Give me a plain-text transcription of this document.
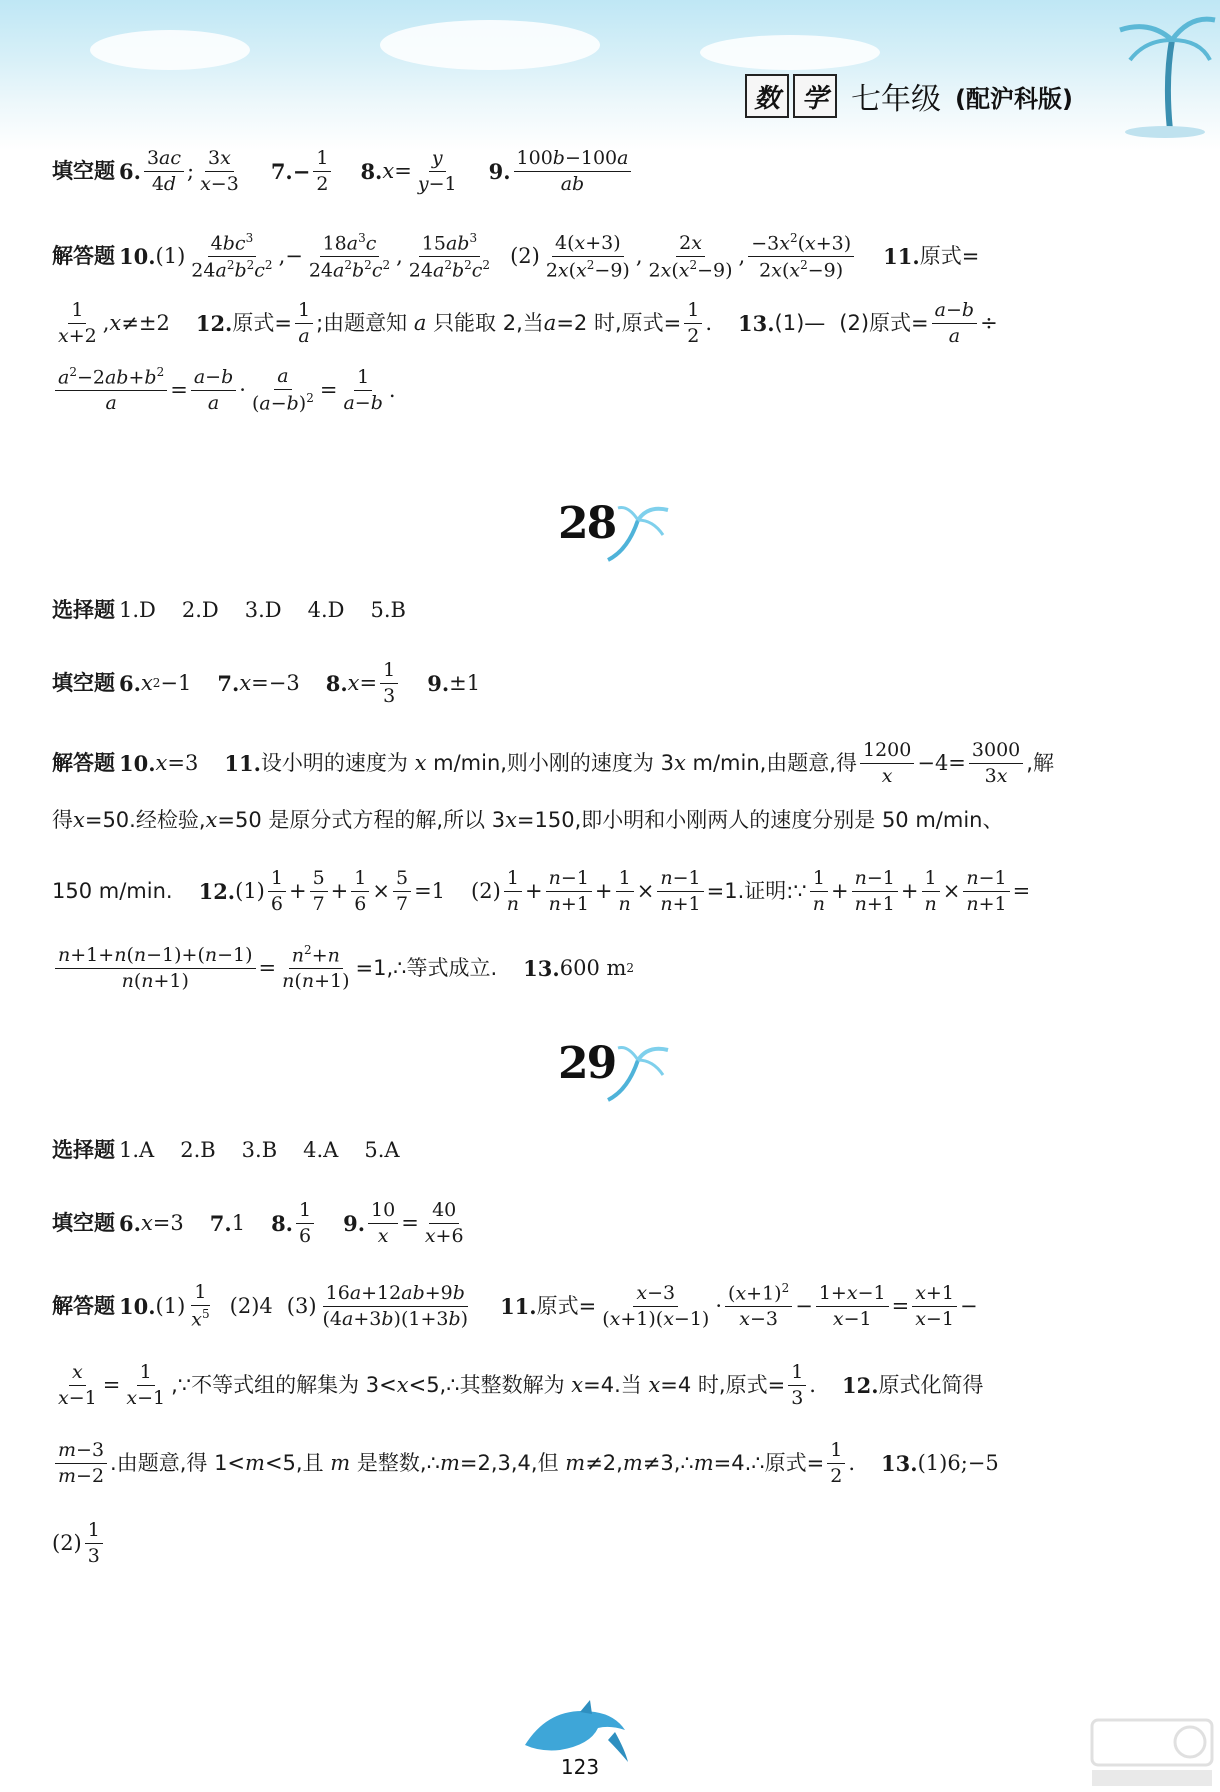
数 学 七年级 (配沪科版)
填空题 6. $\frac{3ac}{4d}$ ; $\frac{3x}{x-3} 7.- \frac{1}{2} 8$. $x = \frac{y}{y-1} 9$. $\frac{100b-100a}{ab}$
解答题 10. $(1) \frac{4bc^3}{24a^2b^2c^2}$ ,− $\frac{18a^3c}{24a^2b^2c^2}$ , $\frac{15ab^3}{24a^2b^2c^2} (2) \frac{4(x+3)}{2x(x^2-9)}$ , $\frac{2x}{2x(x^2-9)}$ , $\frac{-3x^2(x+3)}{2x(x^2-9)} 11$. 原式=
$\frac{1}{x+2}$ , x ≠±2 12. 原式= $\frac{1}{a}$ ;由题意知
a
只能取 2,当 a =2 时,原式= $\frac{1}{2}$ . 13. (1)— (2)原式= $\frac{a-b}{a}$ ÷
$\frac{a^2-2ab+b^2}{a} = \frac{a-b}{a} \cdot \frac{a}{(a-b)^2} = \frac{1}{a-b}$ .
28
选择题 1.D 2.D 3.D 4.D 5.B
填空题 6. x 2 −1 7. x =−3 8. $x = \frac{1}{3} 9$. ±1
解答题 10. x =3 11. 设小明的速度为
x
m/min,则小刚的速度为 3 x
m/min,由题意,得 $\frac{1200}{x} -4= \frac{3000}{3x}$ ,解
得 x =50.经检验, x =50 是原分式方程的解,所以 3 x =150,即小明和小刚两人的速度分别是 50 m/min、
150 m/min. 12. $(1) \frac{1}{6} + \frac{5}{7} + \frac{1}{6} \times \frac{5}{7} =1$ $(2) \frac{1}{n} + \frac{n-1}{n+1} + \frac{1}{n} \times \frac{n-1}{n+1} =1$.证明:∵ $\frac{1}{n} + \frac{n-1}{n+1} + \frac{1}{n} \times \frac{n-1}{n+1}$ =
$\frac{n+1+n(n-1)+(n-1)}{n(n+1)} = \frac{n^2+n}{n(n+1)}$ =1,∴等式成立. 13. 600 m 2
29
选择题 1.A 2.B 3.B 4.A 5.A
填空题 6. x =3 7. 1 8. $\frac{1}{6} 9$. $\frac{10}{x} = \frac{40}{x+6}$
解答题 10. $(1) \frac{1}{x^5} (2)4$ $(3) \frac{16a+12ab+9b}{(4a+3b)(1+3b)} 11$. 原式= $\frac{x-3}{(x+1)(x-1)} \cdot \frac{(x+1)^2}{x-3} - \frac{1+x-1}{x-1} = \frac{x+1}{x-1}$ −
$\frac{x}{x-1} = \frac{1}{x-1}$ ,∵不等式组的解集为 3< x <5,∴其整数解为
x =4.当
x =4 时,原式= $\frac{1}{3}$ . 12. 原式化简得
$\frac{m-3}{m-2}$ .由题意,得 1< m <5,且
m
是整数,∴ m =2,3,4,但
m ≠2, m ≠3,∴ m =4.∴原式= $\frac{1}{2}$ . 13. (1)6;−5
$(2) \frac{1}{3}$
123
